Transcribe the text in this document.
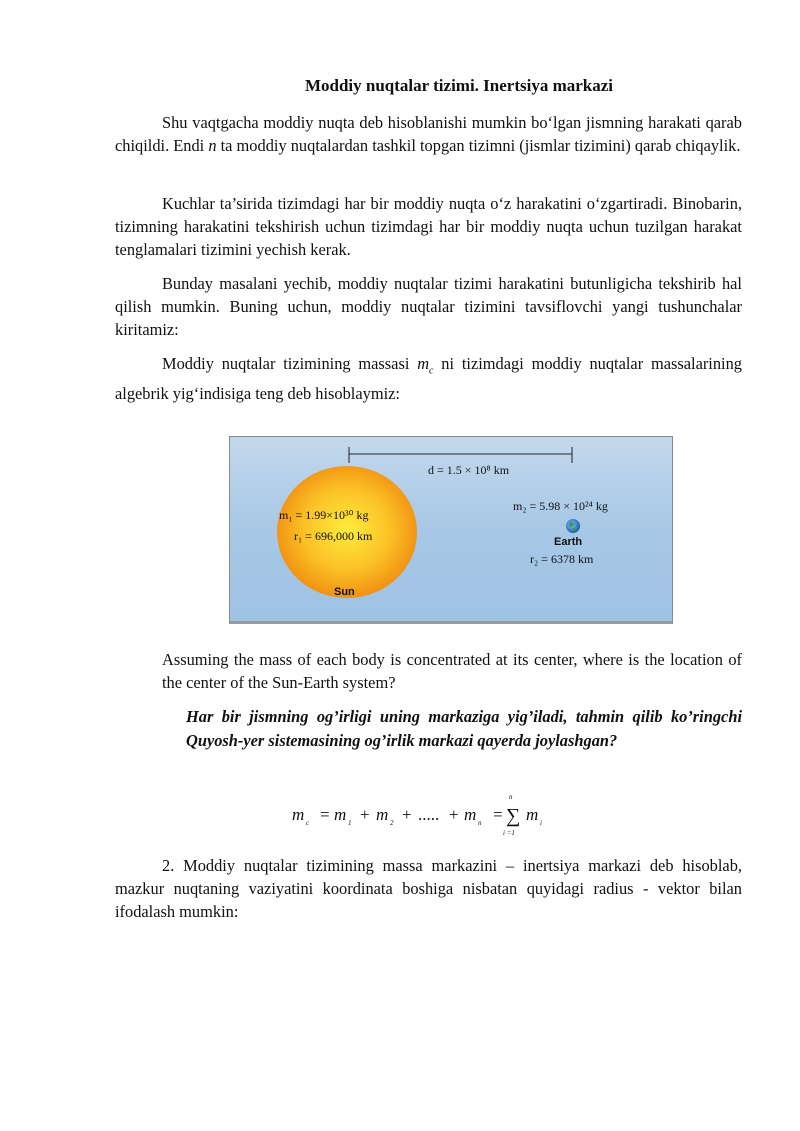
Moddiy nuqtalar tizimi. Inertsiya markazi

Shu vaqtgacha moddiy nuqta deb hisoblanishi mumkin bo‘lgan jismning harakati qarab chiqildi. Endi n ta moddiy nuqtalardan tashkil topgan tizimni (jismlar tizimini) qarab chiqaylik.

Kuchlar ta’sirida tizimdagi har bir moddiy nuqta o‘z harakatini o‘zgartiradi. Binobarin, tizimning harakatini tekshirish uchun tizimdagi har bir moddiy nuqta uchun tuzilgan harakat tenglamalari tizimini yechish kerak.

Bunday masalani yechib, moddiy nuqtalar tizimi harakatini butunligicha tekshirib hal qilish mumkin. Buning uchun, moddiy nuqtalar tizimini tavsiflovchi yangi tushunchalar kiritamiz:

Moddiy nuqtalar tizimining massasi $m_c$ ni tizimdagi moddiy nuqtalar massalarining algebrik yig‘indisiga teng deb hisoblaymiz:

d = 1.5 × 10⁸ km
m₁ = 1.99×10³⁰ kg
r₁ = 696,000 km
Sun
m₂ = 5.98 × 10²⁴ kg
Earth
r₂ = 6378 km

Assuming the mass of each body is concentrated at its center, where is the location of the center of the Sun-Earth system?

Har bir jismning og’irligi uning markaziga yig’iladi, tahmin qilib ko’ringchi Quyosh-yer sistemasining og’irlik markazi qayerda joylashgan?

m c = m 1 + m 2 + ..... + m n =
n
∑
i =1
m i

2. Moddiy nuqtalar tizimining massa markazini – inertsiya markazi deb hisoblab, mazkur nuqtaning vaziyatini koordinata boshiga nisbatan quyidagi radius - vektor bilan ifodalash mumkin:
